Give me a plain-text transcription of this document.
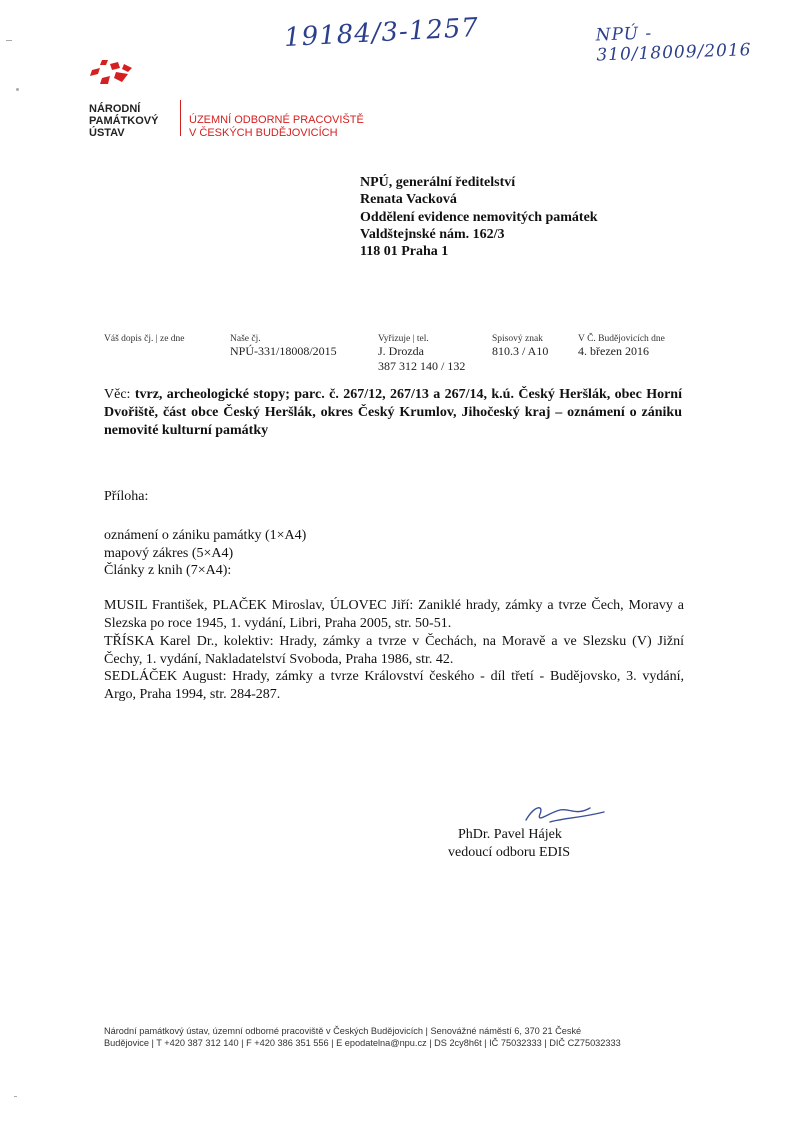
19184/3-1257	NPÚ - 310/18009/2016
NÁRODNÍ
PAMÁTKOVÝ
ÚSTAV
ÚZEMNÍ ODBORNÉ PRACOVIŠTĚ
V ČESKÝCH BUDĚJOVICÍCH
NPÚ, generální ředitelství
Renata Vacková
Oddělení evidence nemovitých památek
Valdštejnské nám. 162/3
118 01 Praha 1
Váš dopis čj. | ze dne	Naše čj.
NPÚ-331/18008/2015
Vyřizuje | tel.
J. Drozda
387 312 140 / 132
Spisový znak
810.3 / A10
V Č. Budějovicích dne
4. březen 2016
Věc: tvrz, archeologické stopy; parc. č. 267/12, 267/13 a 267/14, k.ú. Český Heršlák, obec Horní Dvořiště, část obce Český Heršlák, okres Český Krumlov, Jihočeský kraj – oznámení o zániku nemovité kulturní památky
Příloha:
oznámení o zániku památky (1×A4)
mapový zákres (5×A4)
Články z knih (7×A4):
MUSIL František, PLAČEK Miroslav, ÚLOVEC Jiří: Zaniklé hrady, zámky a tvrze Čech, Moravy a Slezska po roce 1945, 1. vydání, Libri, Praha 2005, str. 50-51.
TŘÍSKA Karel Dr., kolektiv: Hrady, zámky a tvrze v Čechách, na Moravě a ve Slezsku (V) Jižní Čechy, 1. vydání, Nakladatelství Svoboda, Praha 1986, str. 42.
SEDLÁČEK August: Hrady, zámky a tvrze Království českého - díl třetí - Budějovsko, 3. vydání, Argo, Praha 1994, str. 284-287.
PhDr. Pavel Hájek
vedoucí odboru EDIS
Národní památkový ústav, územní odborné pracoviště v Českých Budějovicích | Senovážné náměstí 6, 370 21 České
Budějovice | T +420 387 312 140 | F +420 386 351 556 | E epodatelna@npu.cz | DS 2cy8h6t | IČ 75032333 | DIČ CZ75032333
